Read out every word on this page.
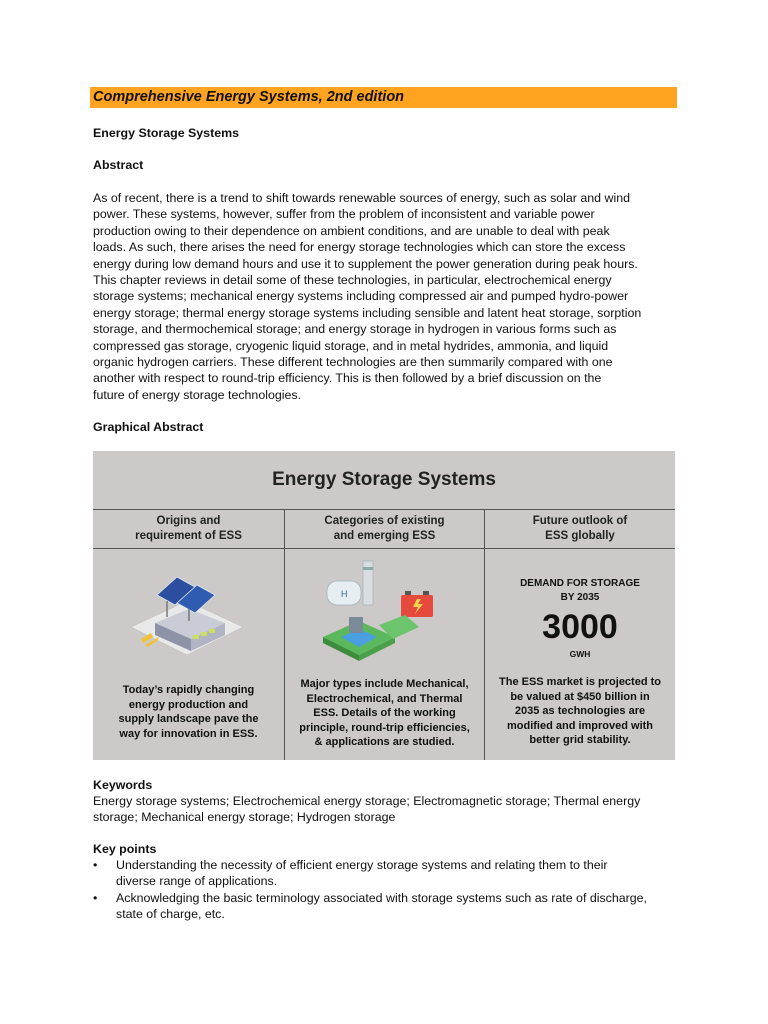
Comprehensive Energy Systems, 2nd edition
Energy Storage Systems
Abstract
As of recent, there is a trend to shift towards renewable sources of energy, such as solar and wind
power. These systems, however, suffer from the problem of inconsistent and variable power
production owing to their dependence on ambient conditions, and are unable to deal with peak
loads. As such, there arises the need for energy storage technologies which can store the excess
energy during low demand hours and use it to supplement the power generation during peak hours.
This chapter reviews in detail some of these technologies, in particular, electrochemical energy
storage systems; mechanical energy systems including compressed air and pumped hydro-power
energy storage; thermal energy storage systems including sensible and latent heat storage, sorption
storage, and thermochemical storage; and energy storage in hydrogen in various forms such as
compressed gas storage, cryogenic liquid storage, and in metal hydrides, ammonia, and liquid
organic hydrogen carriers. These different technologies are then summarily compared with one
another with respect to round-trip efficiency. This is then followed by a brief discussion on the
future of energy storage technologies.
Graphical Abstract
Energy Storage Systems
Origins and
requirement of ESS
Categories of existing
and emerging ESS
Future outlook of
ESS globally
H
DEMAND FOR STORAGE
BY 2035
3000
GWH
Today’s rapidly changing
energy production and
supply landscape pave the
way for innovation in ESS.
Major types include Mechanical,
Electrochemical, and Thermal
ESS. Details of the working
principle, round-trip efficiencies,
& applications are studied.
The ESS market is projected to
be valued at $450 billion in
2035 as technologies are
modified and improved with
better grid stability.
Keywords
Energy storage systems; Electrochemical energy storage; Electromagnetic storage; Thermal energy
storage; Mechanical energy storage; Hydrogen storage
Key points
• Understanding the necessity of efficient energy storage systems and relating them to their
diverse range of applications.
• Acknowledging the basic terminology associated with storage systems such as rate of discharge,
state of charge, etc.
